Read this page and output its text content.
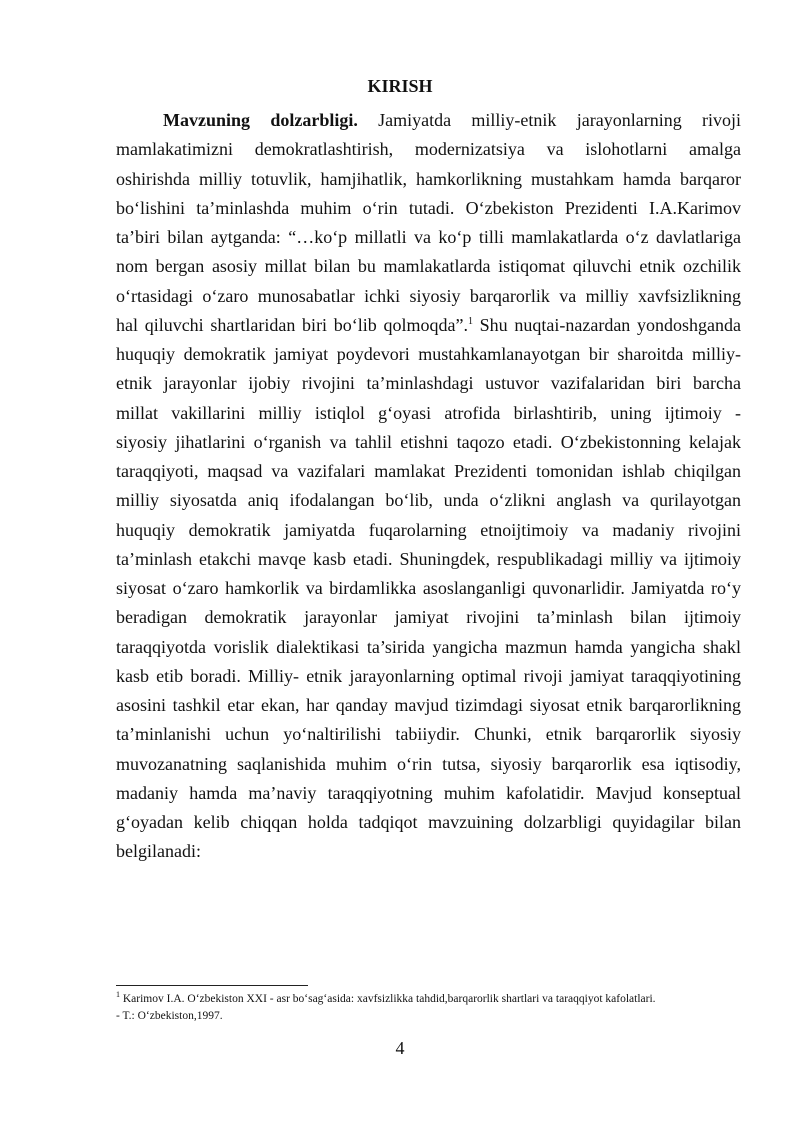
KIRISH
Mavzuning dolzarbligi. Jamiyatda milliy-etnik jarayonlarning rivoji
mamlakatimizni demokratlashtirish, modernizatsiya va islohotlarni amalga
oshirishda milliy totuvlik, hamjihatlik, hamkorlikning mustahkam hamda barqaror
bo‘lishini ta’minlashda muhim o‘rin tutadi. O‘zbekiston Prezidenti I.A.Karimov
ta’biri bilan aytganda: “…ko‘p millatli va ko‘p tilli mamlakatlarda o‘z davlatlariga
nom bergan asosiy millat bilan bu mamlakatlarda istiqomat qiluvchi etnik ozchilik
o‘rtasidagi o‘zaro munosabatlar ichki siyosiy barqarorlik va milliy xavfsizlikning
hal qiluvchi shartlaridan biri bo‘lib qolmoqda”.$^1$ Shu nuqtai-nazardan yondoshganda
huquqiy demokratik jamiyat poydevori mustahkamlanayotgan bir sharoitda milliy-
etnik jarayonlar ijobiy rivojini ta’minlashdagi ustuvor vazifalaridan biri barcha
millat vakillarini milliy istiqlol g‘oyasi atrofida birlashtirib, uning ijtimoiy -
siyosiy jihatlarini o‘rganish va tahlil etishni taqozo etadi. O‘zbekistonning kelajak
taraqqiyoti, maqsad va vazifalari mamlakat Prezidenti tomonidan ishlab chiqilgan
milliy siyosatda aniq ifodalangan bo‘lib, unda o‘zlikni anglash va qurilayotgan
huquqiy demokratik jamiyatda fuqarolarning etnoijtimoiy va madaniy rivojini
ta’minlash etakchi mavqe kasb etadi. Shuningdek, respublikadagi milliy va ijtimoiy
siyosat o‘zaro hamkorlik va birdamlikka asoslanganligi quvonarlidir. Jamiyatda ro‘y
beradigan demokratik jarayonlar jamiyat rivojini ta’minlash bilan ijtimoiy
taraqqiyotda vorislik dialektikasi ta’sirida yangicha mazmun hamda yangicha shakl
kasb etib boradi. Milliy- etnik jarayonlarning optimal rivoji jamiyat taraqqiyotining
asosini tashkil etar ekan, har qanday mavjud tizimdagi siyosat etnik barqarorlikning
ta’minlanishi uchun yo‘naltirilishi tabiiydir. Chunki, etnik barqarorlik siyosiy
muvozanatning saqlanishida muhim o‘rin tutsa, siyosiy barqarorlik esa iqtisodiy,
madaniy hamda ma’naviy taraqqiyotning muhim kafolatidir. Mavjud konseptual
g‘oyadan kelib chiqqan holda tadqiqot mavzuining dolzarbligi quyidagilar bilan
belgilanadi:
$^1$ Karimov I.A. O‘zbekiston XXI - asr bo‘sag‘asida: xavfsizlikka tahdid,barqarorlik shartlari va taraqqiyot kafolatlari.
- T.: O‘zbekiston,1997.
4
